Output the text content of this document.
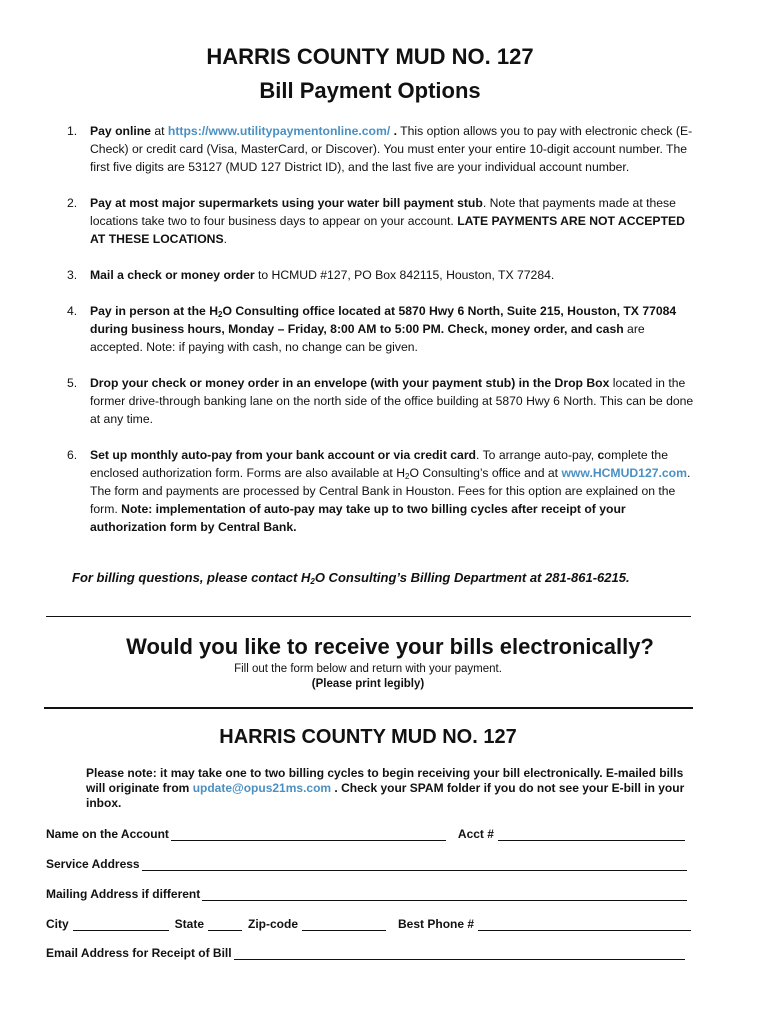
HARRIS COUNTY MUD NO. 127
Bill Payment Options
1. Pay online at https://www.utilitypaymentonline.com/ . This option allows you to pay with electronic check (E-Check) or credit card (Visa, MasterCard, or Discover). You must enter your entire 10-digit account number. The first five digits are 53127 (MUD 127 District ID), and the last five are your individual account number.
2. Pay at most major supermarkets using your water bill payment stub. Note that payments made at these locations take two to four business days to appear on your account. LATE PAYMENTS ARE NOT ACCEPTED AT THESE LOCATIONS.
3. Mail a check or money order to HCMUD #127, PO Box 842115, Houston, TX 77284.
4. Pay in person at the $H_2O$ Consulting office located at 5870 Hwy 6 North, Suite 215, Houston, TX 77084 during business hours, Monday – Friday, 8:00 AM to 5:00 PM. Check, money order, and cash are accepted. Note: if paying with cash, no change can be given.
5. Drop your check or money order in an envelope (with your payment stub) in the Drop Box located in the former drive-through banking lane on the north side of the office building at 5870 Hwy 6 North. This can be done at any time.
6. Set up monthly auto-pay from your bank account or via credit card. To arrange auto-pay, complete the enclosed authorization form. Forms are also available at $H_2O$ Consulting’s office and at www.HCMUD127.com. The form and payments are processed by Central Bank in Houston. Fees for this option are explained on the form. Note: implementation of auto-pay may take up to two billing cycles after receipt of your authorization form by Central Bank.
For billing questions, please contact $H_2O$ Consulting’s Billing Department at 281-861-6215.
Would you like to receive your bills electronically?
Fill out the form below and return with your payment.
(Please print legibly)
HARRIS COUNTY MUD NO. 127
Please note: it may take one to two billing cycles to begin receiving your bill electronically. E-mailed bills will originate from update@opus21ms.com . Check your SPAM folder if you do not see your E-bill in your inbox.
Name on the Account	Acct #
Service Address
Mailing Address if different
City	State	Zip-code	Best Phone #
Email Address for Receipt of Bill
